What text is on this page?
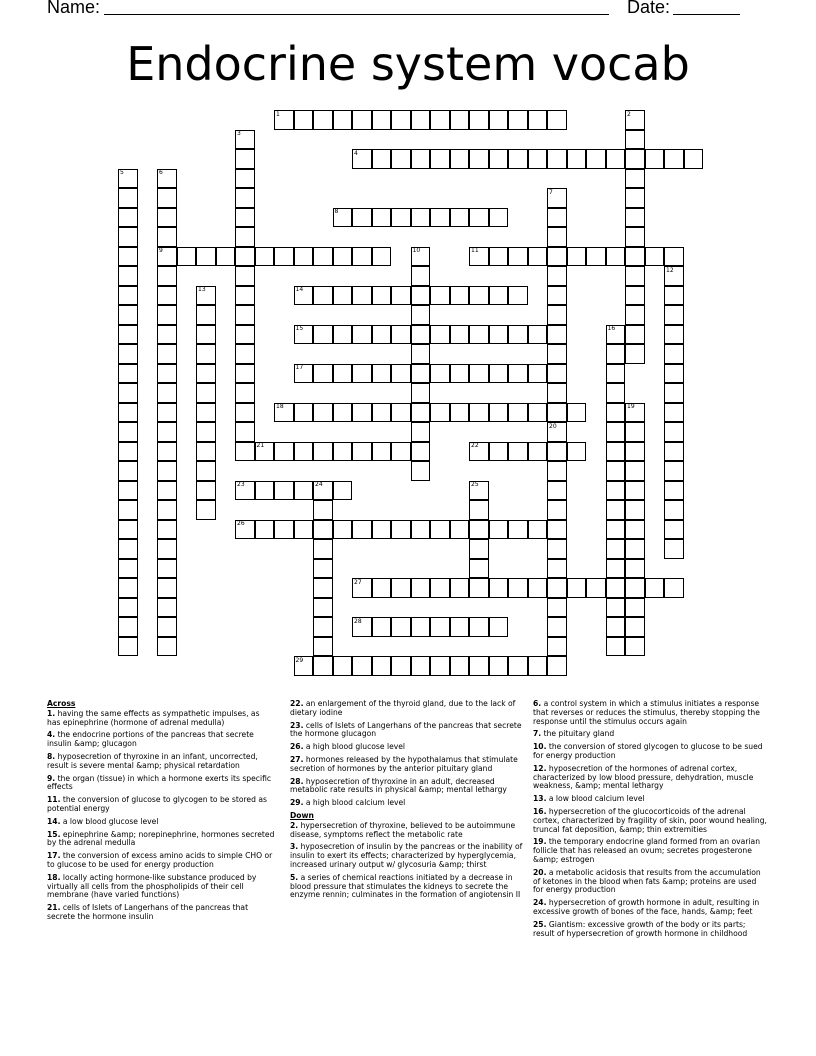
Name:	Date:
Endocrine system vocab
1
4
8
9	11
14
15
17
18
21	22
23
26
27
28
29
2
3
5	6
7
10
12
13
16
19
20
24	25
Across
1. having the same effects as sympathetic impulses, as has epinephrine (hormone of adrenal medulla)
4. the endocrine portions of the pancreas that secrete insulin &amp; glucagon
8. hyposecretion of thyroxine in an infant, uncorrected, result is severe mental &amp; physical retardation
9. the organ (tissue) in which a hormone exerts its specific effects
11. the conversion of glucose to glycogen to be stored as potential energy
14. a low blood glucose level
15. epinephrine &amp; norepinephrine, hormones secreted by the adrenal medulla
17. the conversion of excess amino acids to simple CHO or to glucose to be used for energy production
18. locally acting hormone-like substance produced by virtually all cells from the phospholipids of their cell membrane (have varied functions)
21. cells of Islets of Langerhans of the pancreas that secrete the hormone insulin
22. an enlargement of the thyroid gland, due to the lack of dietary iodine
23. cells of Islets of Langerhans of the pancreas that secrete the hormone glucagon
26. a high blood glucose level
27. hormones released by the hypothalamus that stimulate secretion of hormones by the anterior pituitary gland
28. hyposecretion of thyroxine in an adult, decreased metabolic rate results in physical &amp; mental lethargy
29. a high blood calcium level
Down
2. hypersecretion of thyroxine, believed to be autoimmune disease, symptoms reflect the metabolic rate
3. hyposecretion of insulin by the pancreas or the inability of insulin to exert its effects; characterized by hyperglycemia, increased urinary output w/ glycosuria &amp; thirst
5. a series of chemical reactions initiated by a decrease in blood pressure that stimulates the kidneys to secrete the enzyme rennin; culminates in the formation of angiotensin II
6. a control system in which a stimulus initiates a response that reverses or reduces the stimulus, thereby stopping the response until the stimulus occurs again
7. the pituitary gland
10. the conversion of stored glycogen to glucose to be sued for energy production
12. hyposecretion of the hormones of adrenal cortex, characterized by low blood pressure, dehydration, muscle weakness, &amp; mental lethargy
13. a low blood calcium level
16. hypersecretion of the glucocorticoids of the adrenal cortex, characterized by fragility of skin, poor wound healing, truncal fat deposition, &amp; thin extremities
19. the temporary endocrine gland formed from an ovarian follicle that has released an ovum; secretes progesterone &amp; estrogen
20. a metabolic acidosis that results from the accumulation of ketones in the blood when fats &amp; proteins are used for energy production
24. hypersecretion of growth hormone in adult, resulting in excessive growth of bones of the face, hands, &amp; feet
25. Giantism: excessive growth of the body or its parts; result of hypersecretion of growth hormone in childhood
